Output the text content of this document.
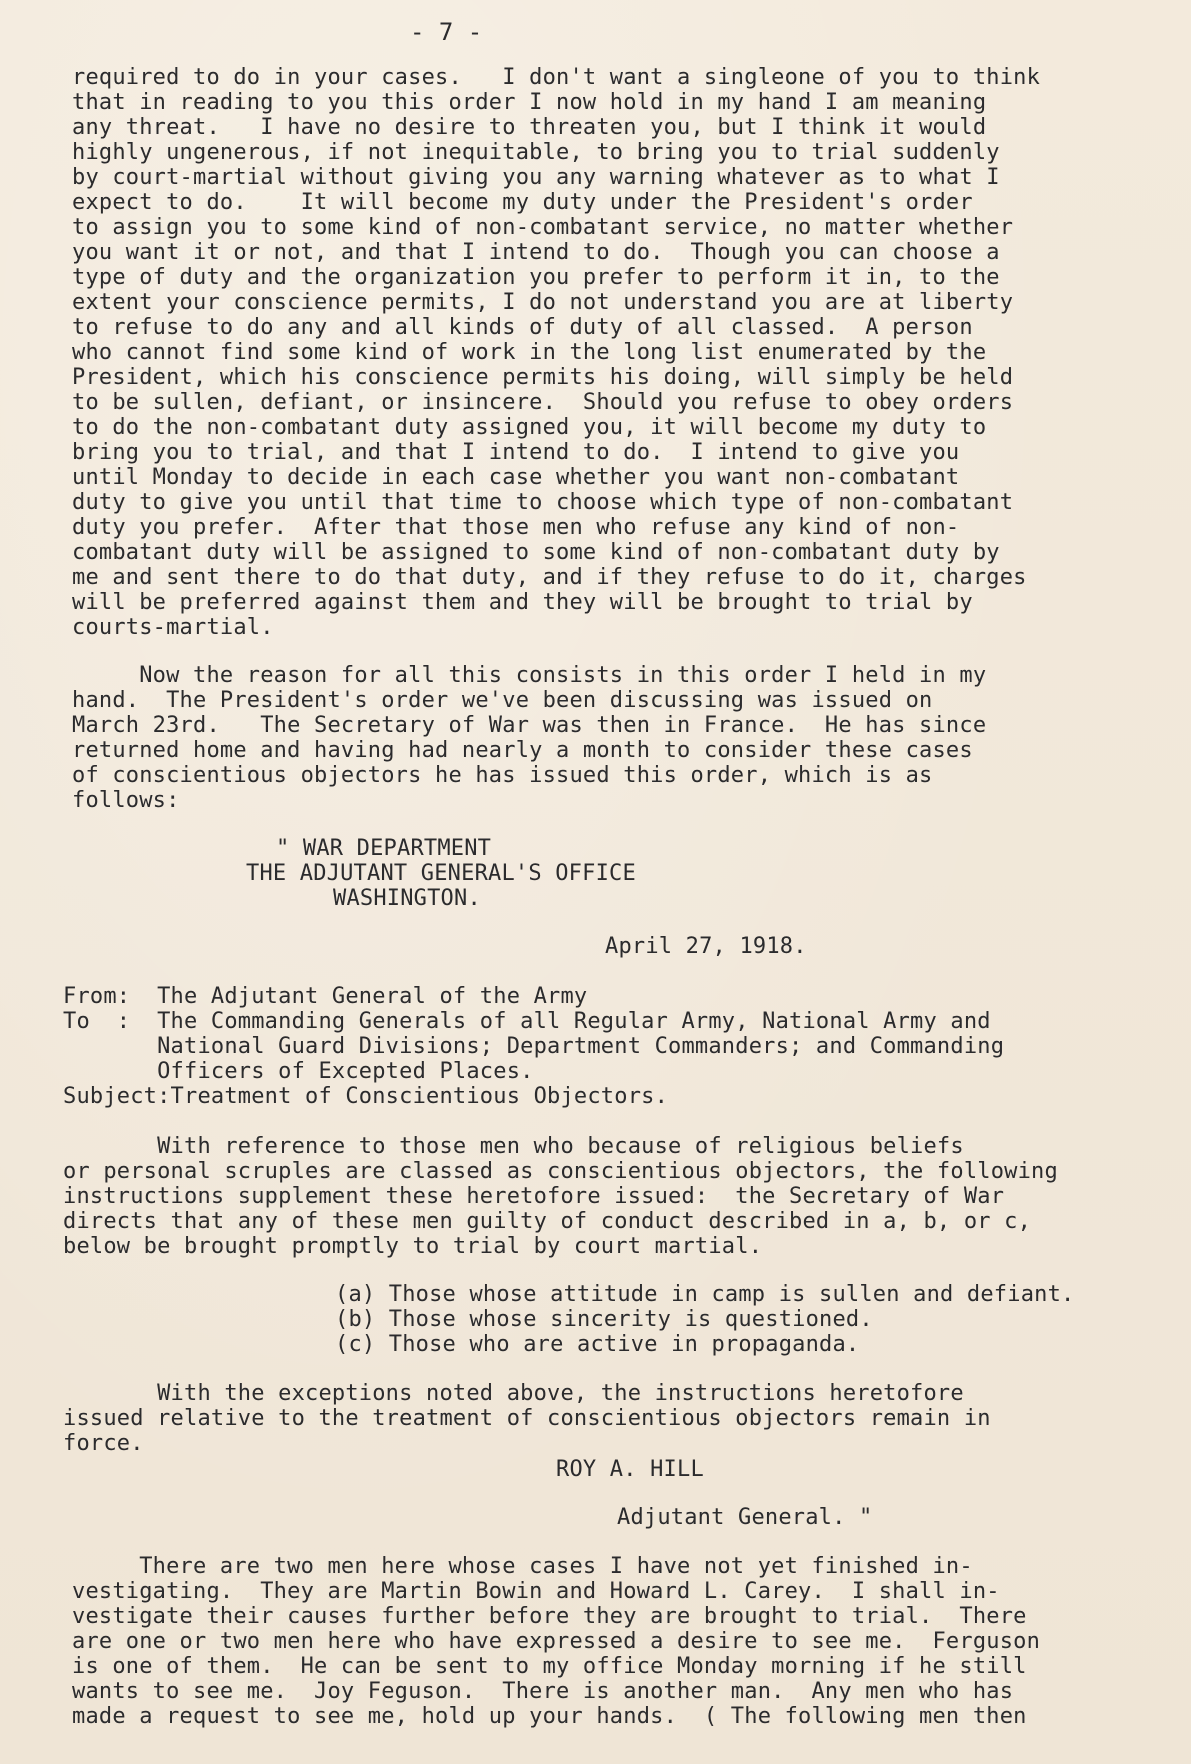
- 7 -
required to do in your cases.   I don't want a singleone of you to think
that in reading to you this order I now hold in my hand I am meaning
any threat.   I have no desire to threaten you, but I think it would
highly ungenerous, if not inequitable, to bring you to trial suddenly
by court-martial without giving you any warning whatever as to what I
expect to do.    It will become my duty under the President's order
to assign you to some kind of non-combatant service, no matter whether
you want it or not, and that I intend to do.  Though you can choose a
type of duty and the organization you prefer to perform it in, to the
extent your conscience permits, I do not understand you are at liberty
to refuse to do any and all kinds of duty of all classed.  A person
who cannot find some kind of work in the long list enumerated by the
President, which his conscience permits his doing, will simply be held
to be sullen, defiant, or insincere.  Should you refuse to obey orders
to do the non-combatant duty assigned you, it will become my duty to
bring you to trial, and that I intend to do.  I intend to give you
until Monday to decide in each case whether you want non-combatant
duty to give you until that time to choose which type of non-combatant
duty you prefer.  After that those men who refuse any kind of non-
combatant duty will be assigned to some kind of non-combatant duty by
me and sent there to do that duty, and if they refuse to do it, charges
will be preferred against them and they will be brought to trial by
courts-martial.
Now the reason for all this consists in this order I held in my
hand.  The President's order we've been discussing was issued on
March 23rd.   The Secretary of War was then in France.  He has since
returned home and having had nearly a month to consider these cases
of conscientious objectors he has issued this order, which is as
follows:
" WAR DEPARTMENT
THE ADJUTANT GENERAL'S OFFICE
WASHINGTON.
April 27, 1918.
From:  The Adjutant General of the Army
To  :  The Commanding Generals of all Regular Army, National Army and
National Guard Divisions; Department Commanders; and Commanding
Officers of Excepted Places.
Subject:Treatment of Conscientious Objectors.
With reference to those men who because of religious beliefs
or personal scruples are classed as conscientious objectors, the following
instructions supplement these heretofore issued:  the Secretary of War
directs that any of these men guilty of conduct described in a, b, or c,
below be brought promptly to trial by court martial.
(a) Those whose attitude in camp is sullen and defiant.
(b) Those whose sincerity is questioned.
(c) Those who are active in propaganda.
With the exceptions noted above, the instructions heretofore
issued relative to the treatment of conscientious objectors remain in
force.
ROY A. HILL
Adjutant General. "
There are two men here whose cases I have not yet finished in-
vestigating.  They are Martin Bowin and Howard L. Carey.  I shall in-
vestigate their causes further before they are brought to trial.  There
are one or two men here who have expressed a desire to see me.  Ferguson
is one of them.  He can be sent to my office Monday morning if he still
wants to see me.  Joy Feguson.  There is another man.  Any men who has
made a request to see me, hold up your hands.  ( The following men then
